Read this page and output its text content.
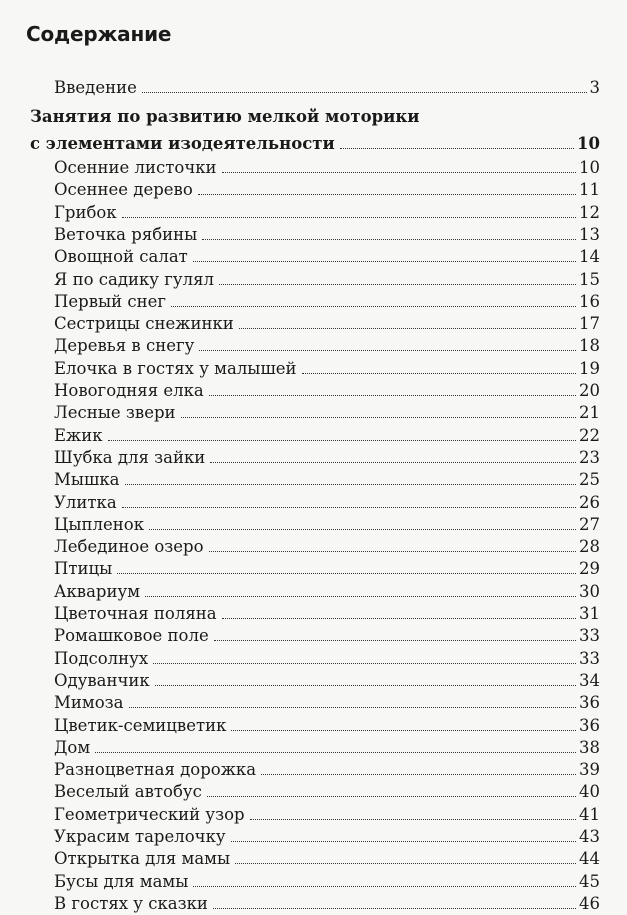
Содержание
Введение	3
Занятия по развитию мелкой моторики
с элементами изодеятельности	10
Осенние листочки	10
Осеннее дерево	11
Грибок	12
Веточка рябины	13
Овощной салат	14
Я по садику гулял	15
Первый снег	16
Сестрицы снежинки	17
Деревья в снегу	18
Елочка в гостях у малышей	19
Новогодняя елка	20
Лесные звери	21
Ежик	22
Шубка для зайки	23
Мышка	25
Улитка	26
Цыпленок	27
Лебединое озеро	28
Птицы	29
Аквариум	30
Цветочная поляна	31
Ромашковое поле	33
Подсолнух	33
Одуванчик	34
Мимоза	36
Цветик-семицветик	36
Дом	38
Разноцветная дорожка	39
Веселый автобус	40
Геометрический узор	41
Украсим тарелочку	43
Открытка для мамы	44
Бусы для мамы	45
В гостях у сказки	46
